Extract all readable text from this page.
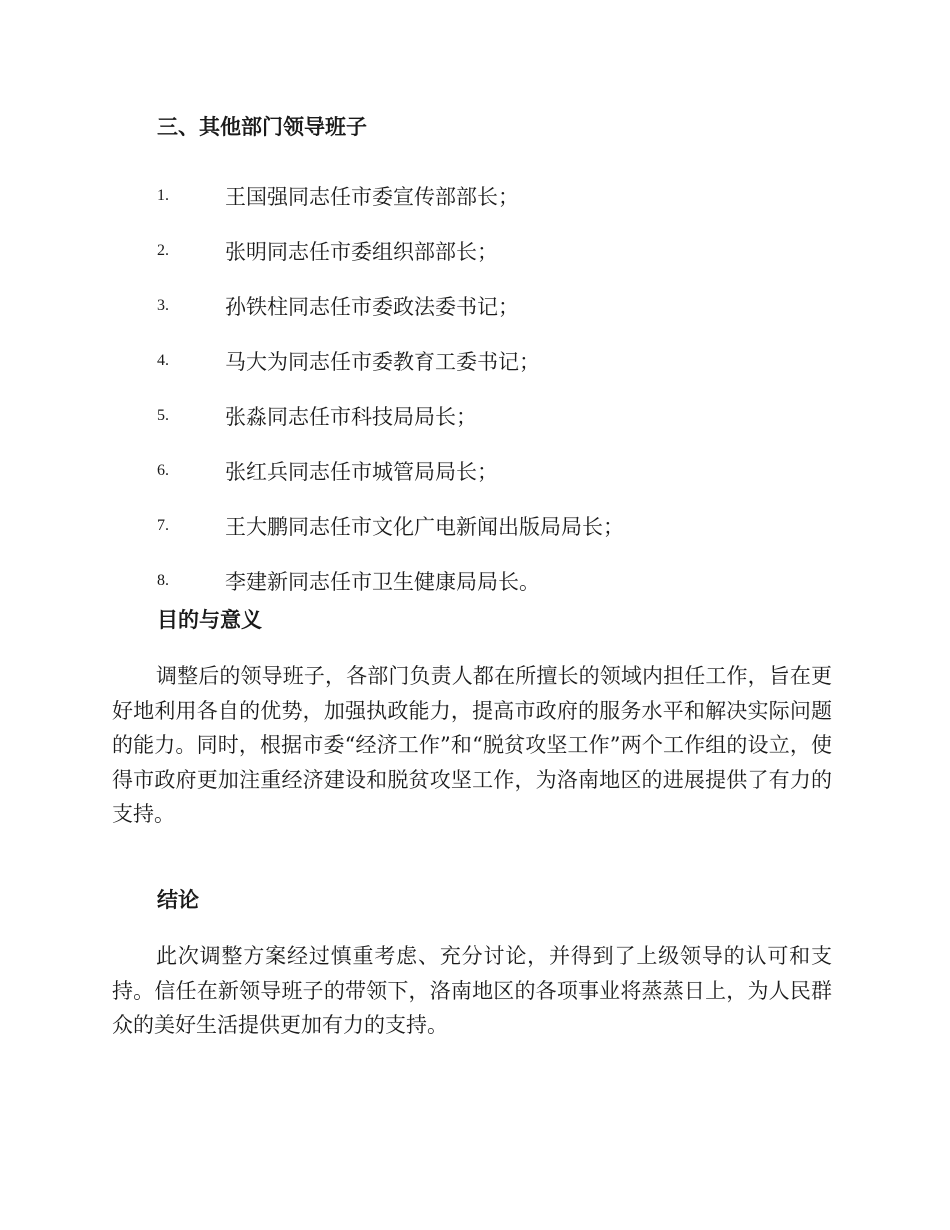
三、其他部门领导班子
1.	王国强同志任市委宣传部部长；
2.	张明同志任市委组织部部长；
3.	孙铁柱同志任市委政法委书记；
4.	马大为同志任市委教育工委书记；
5.	张淼同志任市科技局局长；
6.	张红兵同志任市城管局局长；
7.	王大鹏同志任市文化广电新闻出版局局长；
8.	李建新同志任市卫生健康局局长。
目的与意义

调整后的领导班子，各部门负责人都在所擅长的领域内担任工作，旨在更好地利用各自的优势，加强执政能力，提高市政府的服务水平和解决实际问题的能力。同时，根据市委“经济工作”和“脱贫攻坚工作”两个工作组的设立，使得市政府更加注重经济建设和脱贫攻坚工作，为洛南地区的进展提供了有力的支持。

结论

此次调整方案经过慎重考虑、充分讨论，并得到了上级领导的认可和支持。信任在新领导班子的带领下，洛南地区的各项事业将蒸蒸日上，为人民群众的美好生活提供更加有力的支持。
